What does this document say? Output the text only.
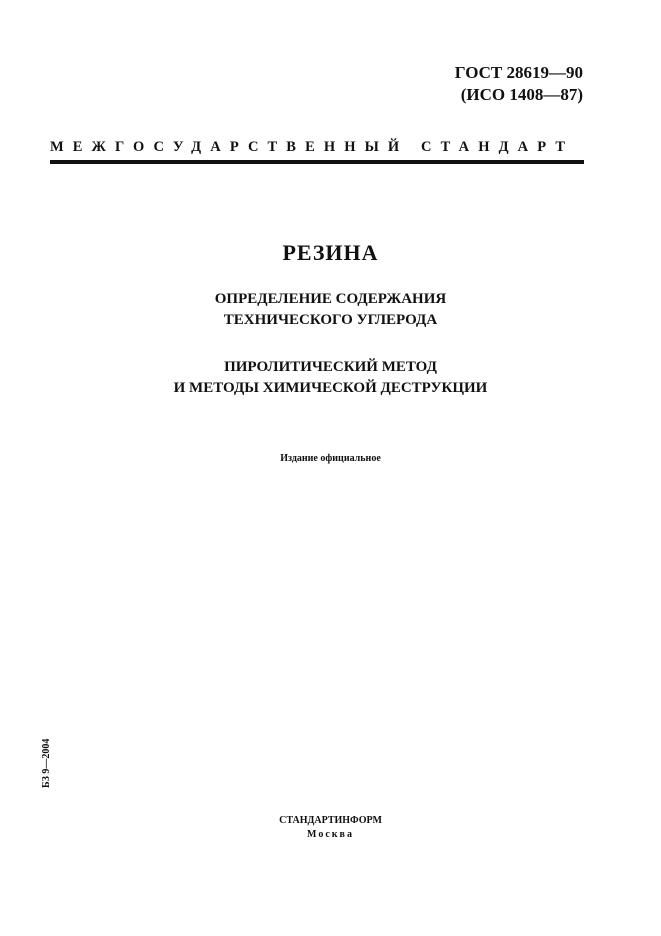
ГОСТ 28619—90
(ИСО 1408—87)
МЕЖГОСУДАРСТВЕННЫЙ СТАНДАРТ
РЕЗИНА
ОПРЕДЕЛЕНИЕ СОДЕРЖАНИЯ
ТЕХНИЧЕСКОГО УГЛЕРОДА
ПИРОЛИТИЧЕСКИЙ МЕТОД
И МЕТОДЫ ХИМИЧЕСКОЙ ДЕСТРУКЦИИ
Издание официальное
БЗ 9—2004
СТАНДАРТИНФОРМ
Москва
